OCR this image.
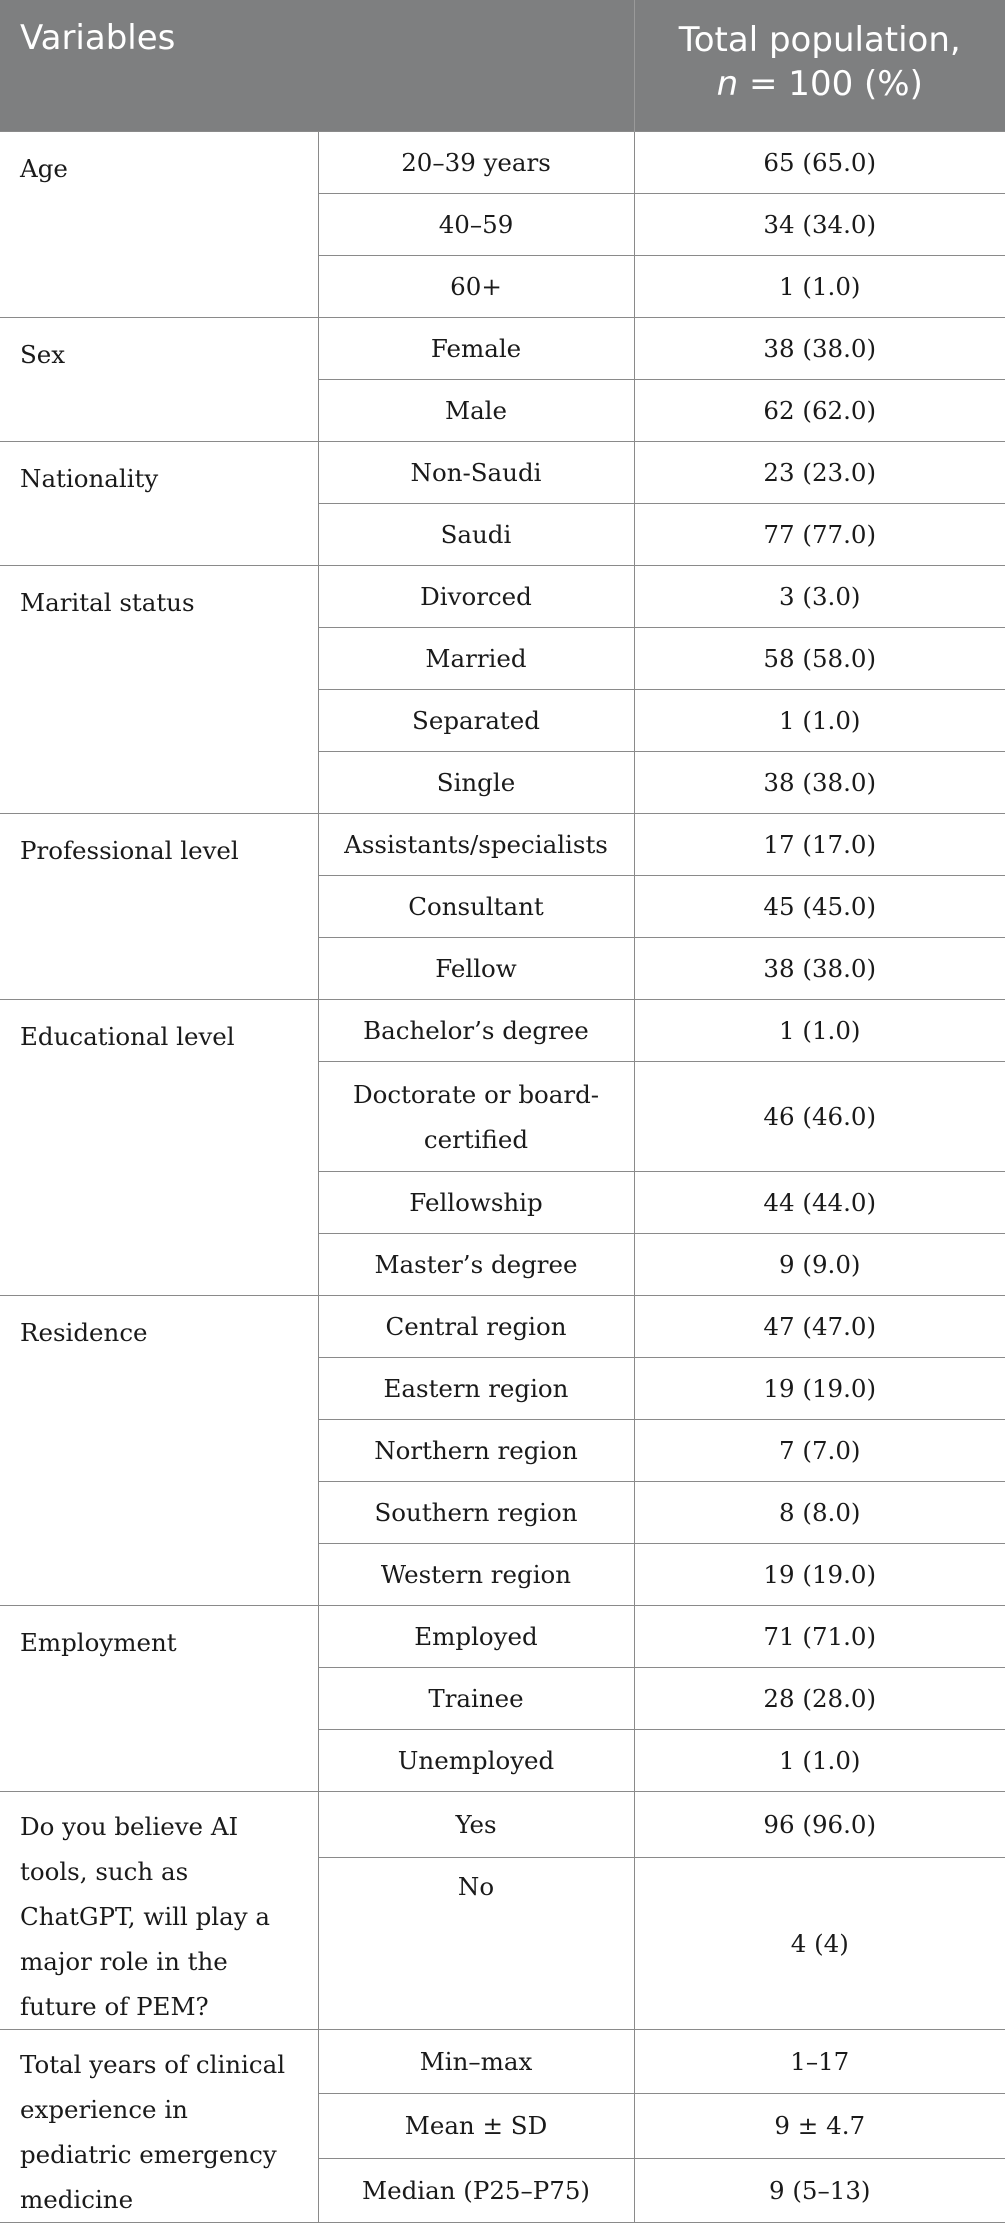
Variables		Total population,
n = 100 (%)
Age	20–39 years	65 (65.0)
	40–59	34 (34.0)
	60+	1 (1.0)
Sex	Female	38 (38.0)
	Male	62 (62.0)
Nationality	Non-Saudi	23 (23.0)
	Saudi	77 (77.0)
Marital status	Divorced	3 (3.0)
	Married	58 (58.0)
	Separated	1 (1.0)
	Single	38 (38.0)
Professional level	Assistants/specialists	17 (17.0)
	Consultant	45 (45.0)
	Fellow	38 (38.0)
Educational level	Bachelor’s degree	1 (1.0)
	Doctorate or board-certified	46 (46.0)
	Fellowship	44 (44.0)
	Master’s degree	9 (9.0)
Residence	Central region	47 (47.0)
	Eastern region	19 (19.0)
	Northern region	7 (7.0)
	Southern region	8 (8.0)
	Western region	19 (19.0)
Employment	Employed	71 (71.0)
	Trainee	28 (28.0)
	Unemployed	1 (1.0)
Do you believe AI tools, such as ChatGPT, will play a major role in the future of PEM?	Yes	96 (96.0)
	No	4 (4)
Total years of clinical experience in pediatric emergency medicine	Min–max	1–17
	Mean ± SD	9 ± 4.7
	Median (P25–P75)	9 (5–13)
